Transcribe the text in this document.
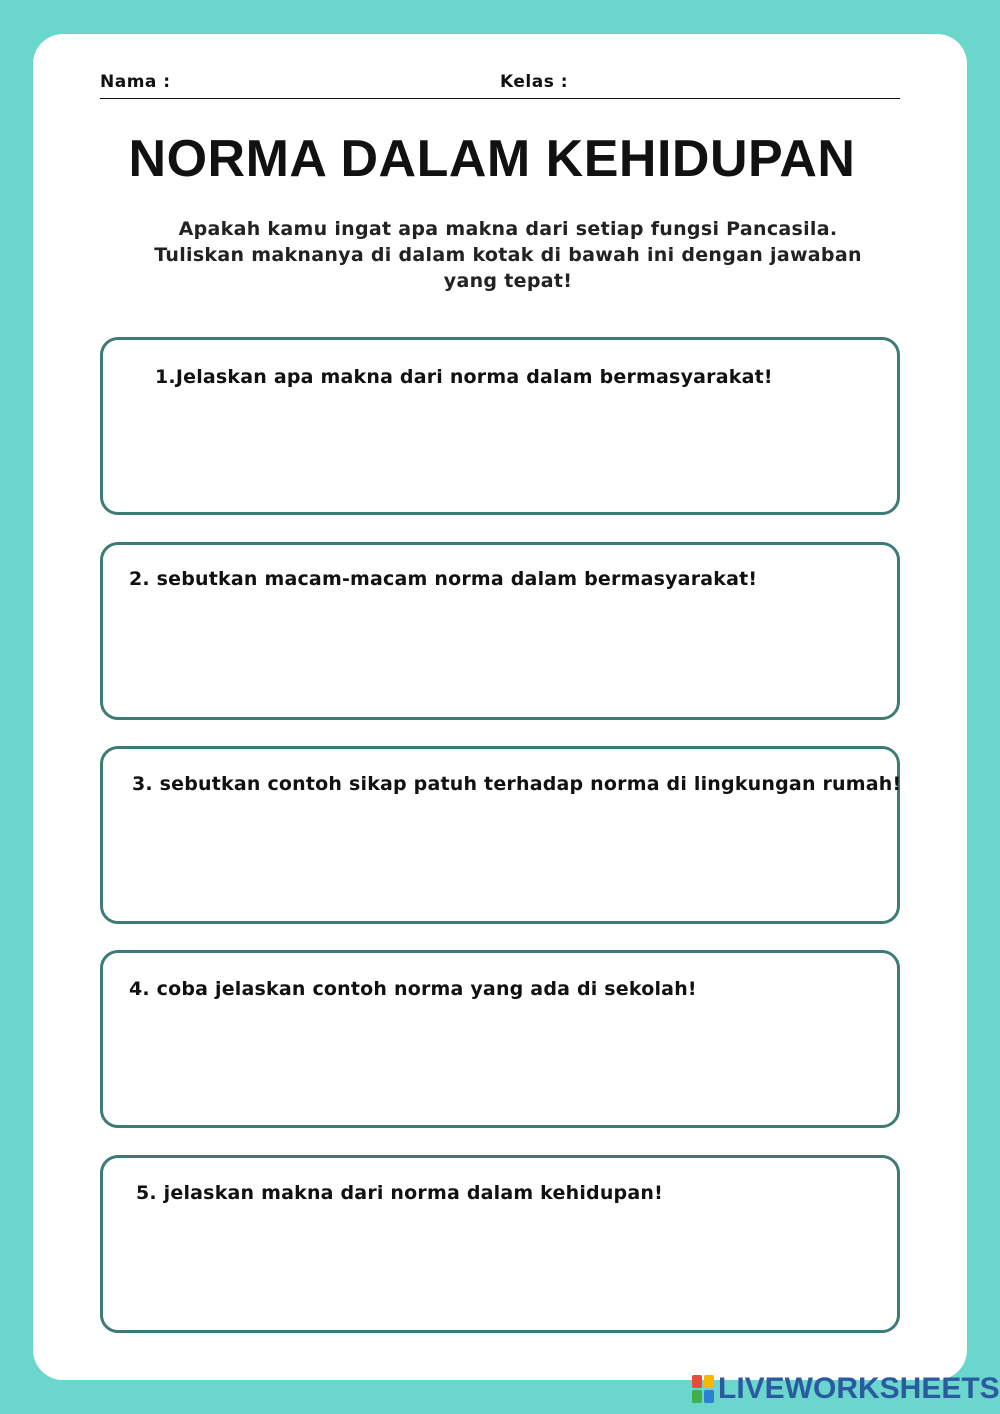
Nama :	Kelas :
NORMA DALAM KEHIDUPAN
Apakah kamu ingat apa makna dari setiap fungsi Pancasila.
Tuliskan maknanya di dalam kotak di bawah ini dengan jawaban
yang tepat!
1.Jelaskan apa makna dari norma dalam bermasyarakat!
2. sebutkan macam-macam norma dalam bermasyarakat!
3. sebutkan contoh sikap patuh terhadap norma di lingkungan rumah!
4. coba jelaskan contoh norma yang ada di sekolah!
5. jelaskan makna dari norma dalam kehidupan!
LIVEWORKSHEETS
